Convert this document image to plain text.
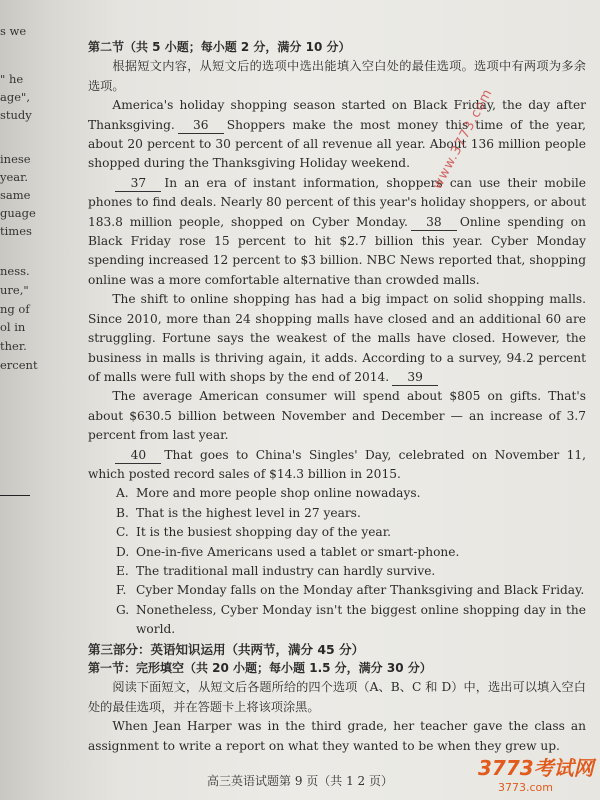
s we
" he
age",
study
inese
year.
same
guage
times
ness.
ure,"
ng of
ol in
ther.
ercent

第二节（共 5 小题；每小题 2 分，满分 10 分）

根据短文内容，从短文后的选项中选出能填入空白处的最佳选项。选项中有两项为多余选项。

America's holiday shopping season started on Black Friday, the day after Thanksgiving. 36 Shoppers make the most money this time of the year, about 20 percent to 30 percent of all revenue all year. About 136 million people shopped during the Thanksgiving Holiday weekend.

37 In an era of instant information, shoppers can use their mobile phones to find deals. Nearly 80 percent of this year's holiday shoppers, or about 183.8 million people, shopped on Cyber Monday. 38 Online spending on Black Friday rose 15 percent to hit $2.7 billion this year. Cyber Monday spending increased 12 percent to $3 billion. NBC News reported that, shopping online was a more comfortable alternative than crowded malls.

The shift to online shopping has had a big impact on solid shopping malls. Since 2010, more than 24 shopping malls have closed and an additional 60 are struggling. Fortune says the weakest of the malls have closed. However, the business in malls is thriving again, it adds. According to a survey, 94.2 percent of malls were full with shops by the end of 2014. 39

The average American consumer will spend about $805 on gifts. That's about $630.5 billion between November and December — an increase of 3.7 percent from last year.

40 That goes to China's Singles' Day, celebrated on November 11, which posted record sales of $14.3 billion in 2015.

A. More and more people shop online nowadays.
B. That is the highest level in 27 years.
C. It is the busiest shopping day of the year.
D. One-in-five Americans used a tablet or smart-phone.
E. The traditional mall industry can hardly survive.
F. Cyber Monday falls on the Monday after Thanksgiving and Black Friday.
G. Nonetheless, Cyber Monday isn't the biggest online shopping day in the world.

第三部分：英语知识运用（共两节，满分 45 分）

第一节：完形填空（共 20 小题；每小题 1.5 分，满分 30 分）

阅读下面短文，从短文后各题所给的四个选项（A、B、C 和 D）中，选出可以填入空白处的最佳选项，并在答题卡上将该项涂黑。

When Jean Harper was in the third grade, her teacher gave the class an assignment to write a report on what they wanted to be when they grew up.

高三英语试题第 9 页（共 1 2 页）
www.3773.com
3773考试网
3773.com
